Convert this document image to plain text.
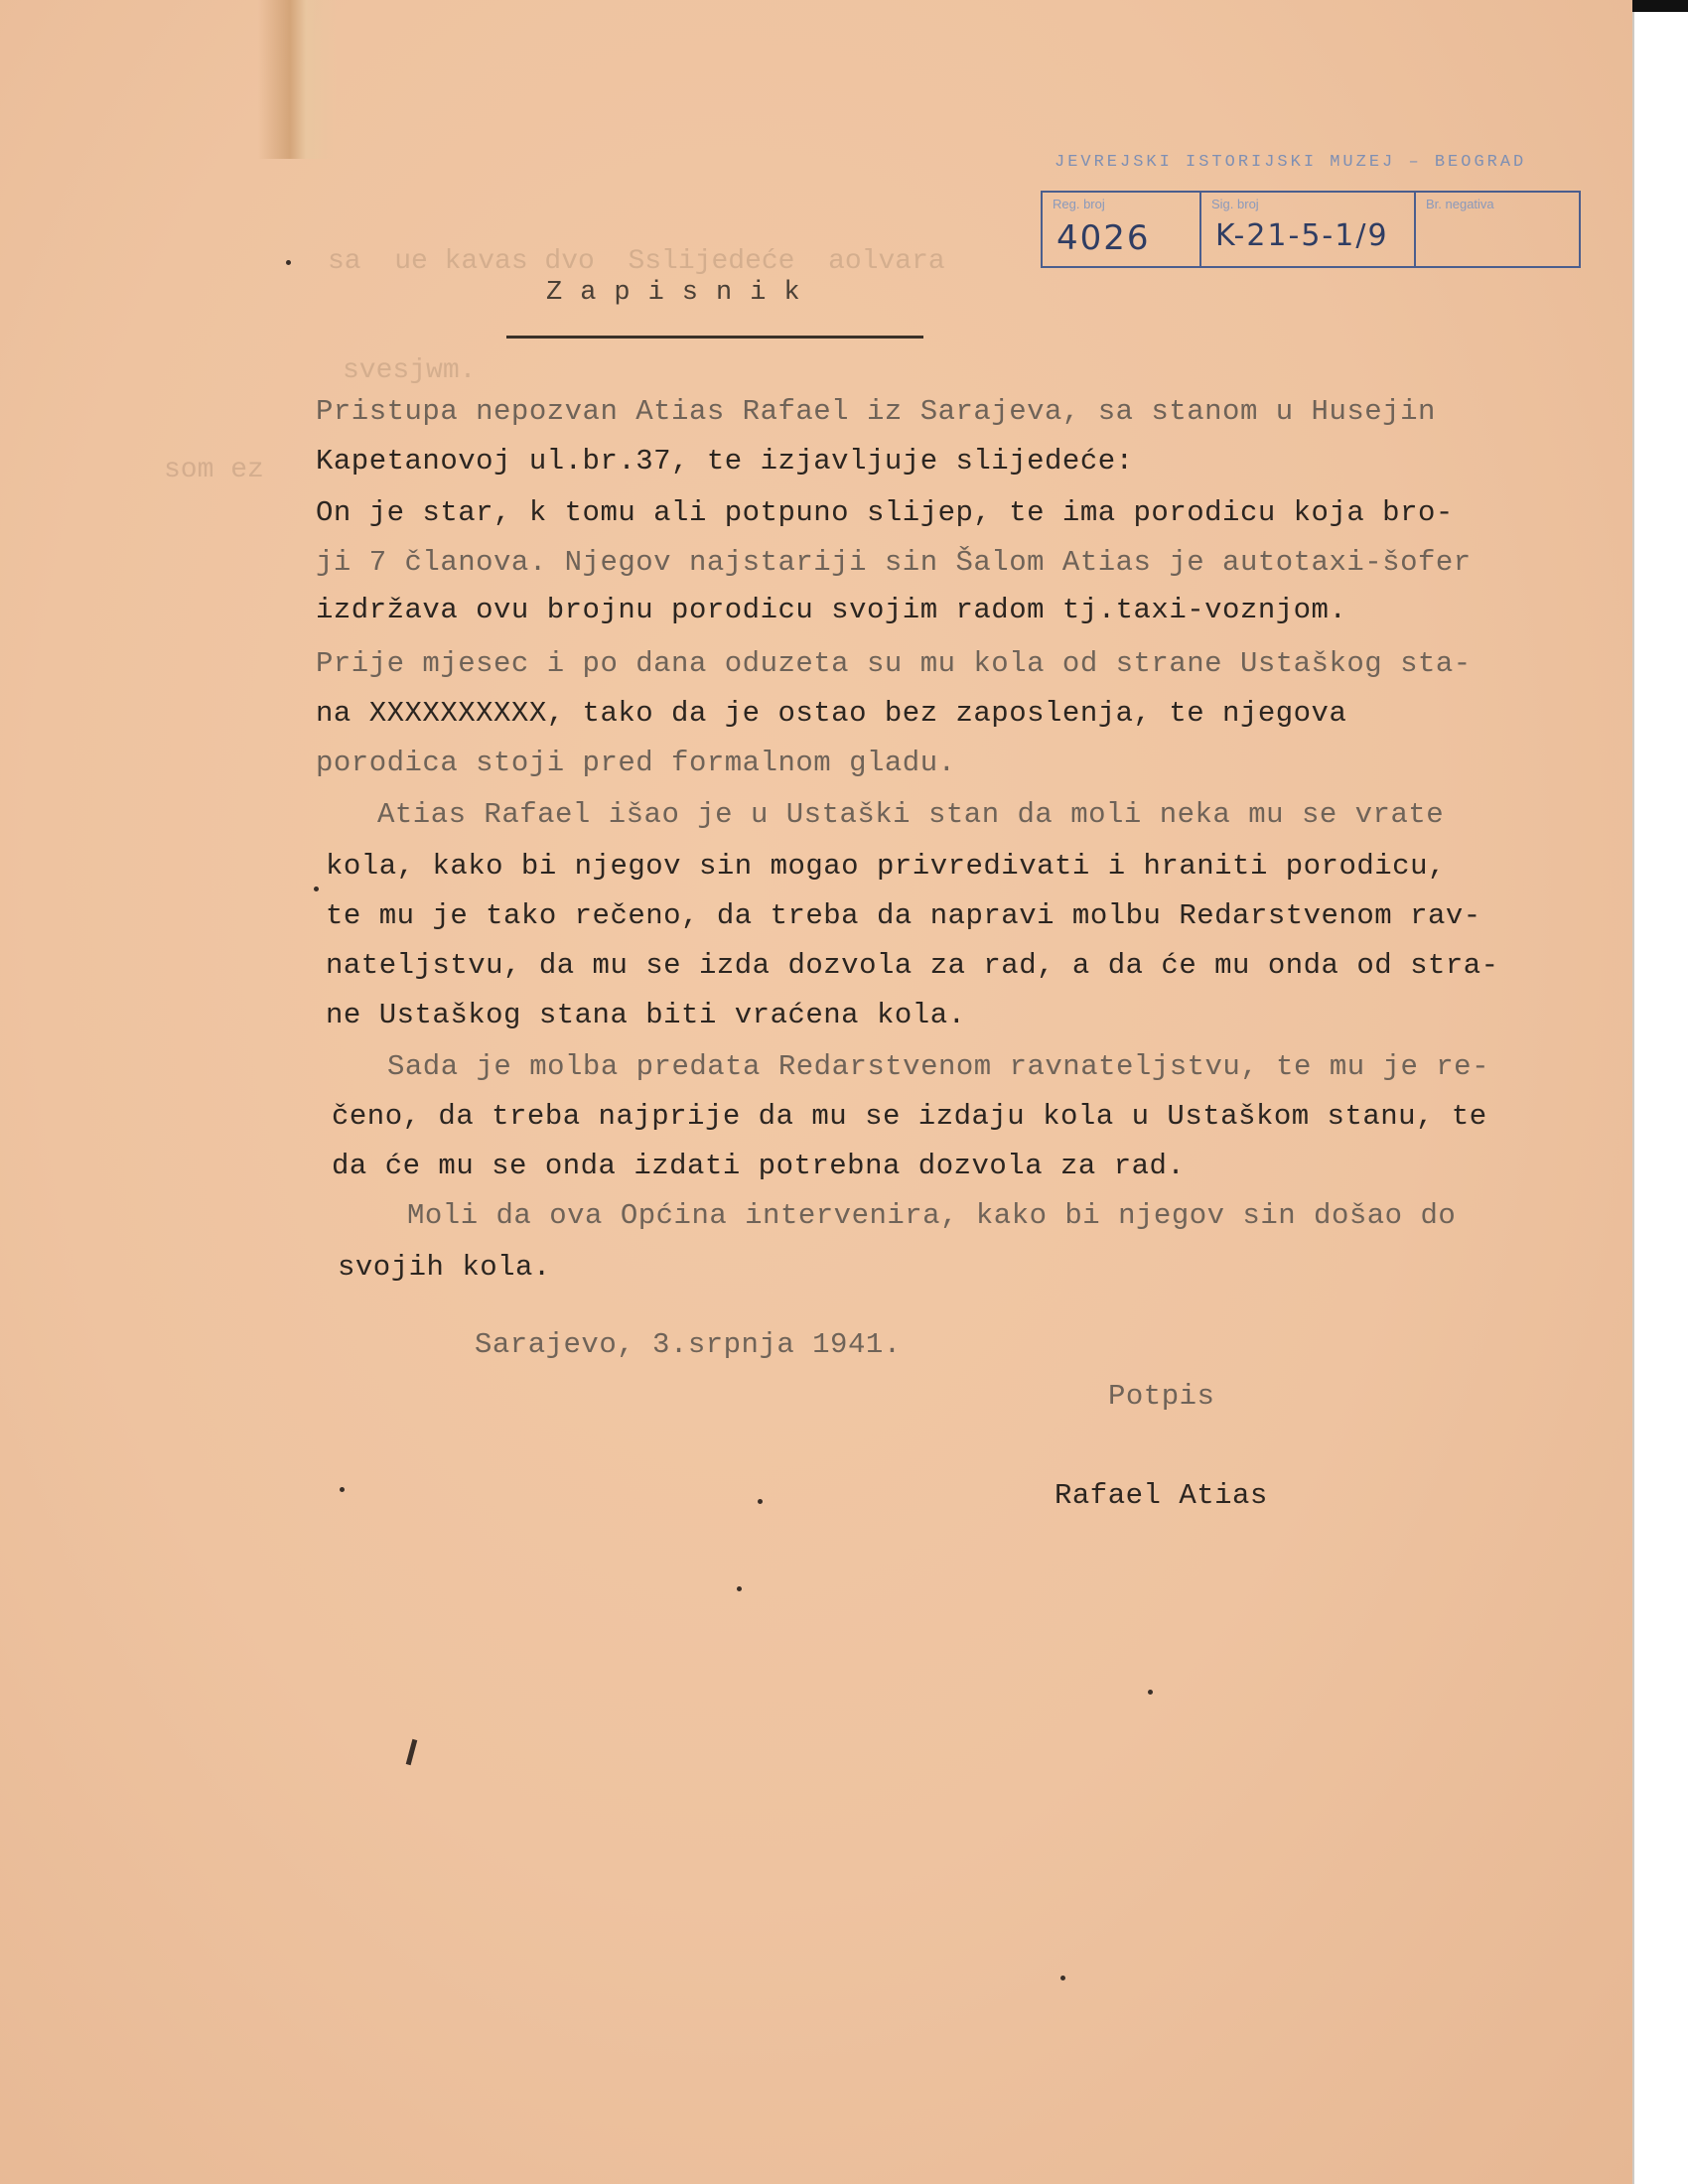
JEVREJSKI ISTORIJSKI MUZEJ – BEOGRAD
Reg. broj
4026
Sig. broj
K-21-5-1/9
Br. negativa
sa  ue kavas dvo  Sslijedeće  aolvara
svesjwm.
som ez
Zapisnik
Pristupa nepozvan Atias Rafael iz Sarajeva, sa stanom u Husejin
Kapetanovoj ul.br.37, te izjavljuje slijedeće:
On je star, k tomu ali potpuno slijep, te ima porodicu koja bro-
ji 7 članova. Njegov najstariji sin Šalom Atias je autotaxi-šofer
izdržava ovu brojnu porodicu svojim radom tj.taxi-voznjom.
Prije mjesec i po dana oduzeta su mu kola od strane Ustaškog sta-
na XXXXXXXXXX, tako da je ostao bez zaposlenja, te njegova
porodica stoji pred formalnom gladu.
Atias Rafael išao je u Ustaški stan da moli neka mu se vrate
kola, kako bi njegov sin mogao privredivati i hraniti porodicu,
te mu je tako rečeno, da treba da napravi molbu Redarstvenom rav-
nateljstvu, da mu se izda dozvola za rad, a da će mu onda od stra-
ne Ustaškog stana biti vraćena kola.
Sada je molba predata Redarstvenom ravnateljstvu, te mu je re-
čeno, da treba najprije da mu se izdaju kola u Ustaškom stanu, te
da će mu se onda izdati potrebna dozvola za rad.
Moli da ova Općina intervenira, kako bi njegov sin došao do
svojih kola.
Sarajevo, 3.srpnja 1941.
Potpis
Rafael Atias
